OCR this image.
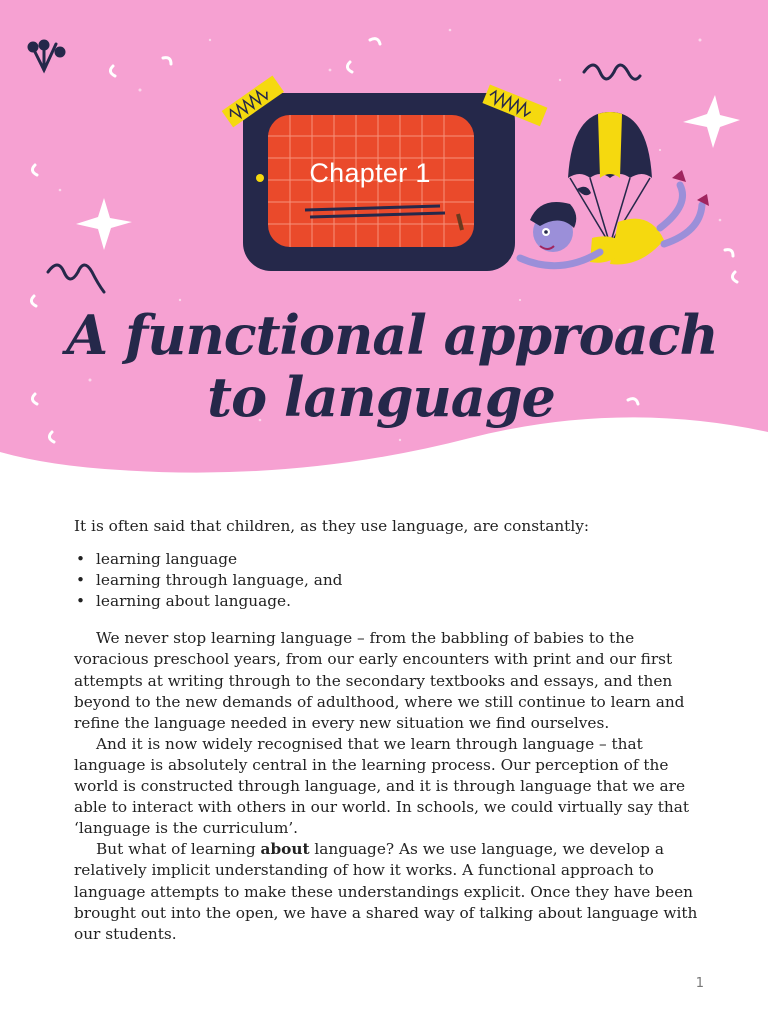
Chapter 1
A functional approach
to language

It is often said that children, as they use language, are constantly:

• learning language
• learning through language, and
• learning about language.

We never stop learning language – from the babbling of babies to the voracious preschool years, from our early encounters with print and our first attempts at writing through to the secondary textbooks and essays, and then beyond to the new demands of adulthood, where we still continue to learn and refine the language needed in every new situation we find ourselves.

And it is now widely recognised that we learn through language – that language is absolutely central in the learning process. Our perception of the world is constructed through language, and it is through language that we are able to interact with others in our world. In schools, we could virtually say that ‘language is the curriculum’.

But what of learning about language? As we use language, we develop a relatively implicit understanding of how it works. A functional approach to language attempts to make these understandings explicit. Once they have been brought out into the open, we have a shared way of talking about language with our students.

1
